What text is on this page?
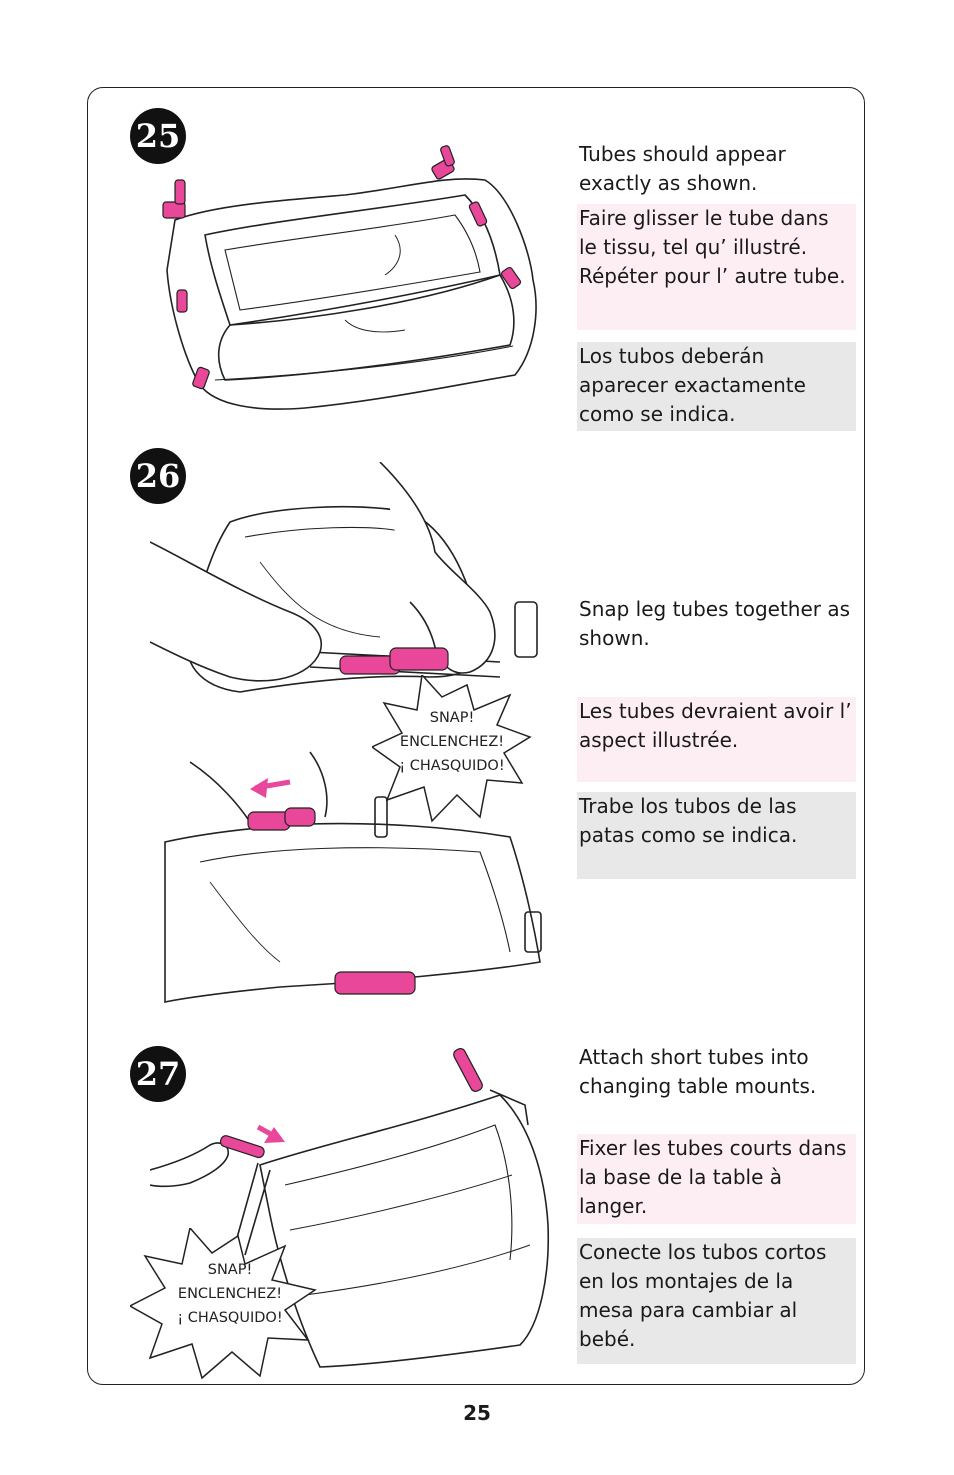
25	Tubes should appear exactly as shown.
Faire glisser le tube dans le tissu, tel qu’ illustré. Répéter pour l’ autre tube.
Los tubos deberán aparecer exactamente como se indica.
26
SNAP!
ENCLENCHEZ!
¡ CHASQUIDO!
Snap leg tubes together as shown.
Les tubes devraient avoir l’ aspect illustrée.
Trabe los tubos de las patas como se indica.
27
SNAP!
ENCLENCHEZ!
¡ CHASQUIDO!
Attach short tubes into changing table mounts.
Fixer les tubes courts dans la base de la table à langer.
Conecte los tubos cortos en los montajes de la mesa para cambiar al bebé.
25
